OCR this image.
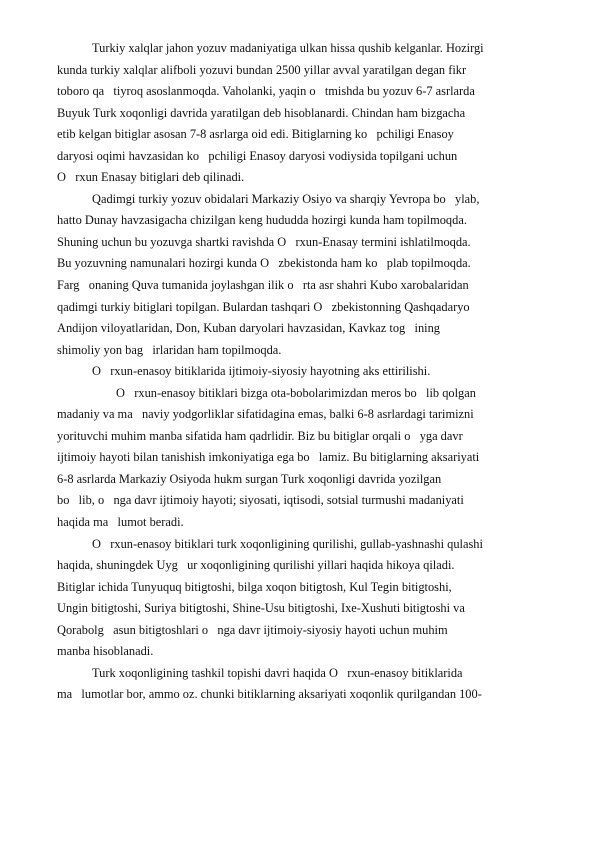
Turkiy xalqlar jahon yozuv madaniyatiga ulkan hissa qushib kelganlar. Hozirgi
kunda turkiy xalqlar alifboli yozuvi bundan 2500 yillar avval yaratilgan degan fikr
toboro qa   tiyroq asoslanmoqda. Vaholanki, yaqin o   tmishda bu yozuv 6-7 asrlarda
Buyuk Turk xoqonligi davrida yaratilgan deb hisoblanardi. Chindan ham bizgacha
etib kelgan bitiglar asosan 7-8 asrlarga oid edi. Bitiglarning ko   pchiligi Enasoy
daryosi oqimi havzasidan ko   pchiligi Enasoy daryosi vodiysida topilgani uchun
O   rxun Enasay bitiglari deb qilinadi.
Qadimgi turkiy yozuv obidalari Markaziy Osiyo va sharqiy Yevropa bo   ylab,
hatto Dunay havzasigacha chizilgan keng hududda hozirgi kunda ham topilmoqda.
Shuning uchun bu yozuvga shartki ravishda O   rxun-Enasay termini ishlatilmoqda.
Bu yozuvning namunalari hozirgi kunda O   zbekistonda ham ko   plab topilmoqda.
Farg   onaning Quva tumanida joylashgan ilik o   rta asr shahri Kubo xarobalaridan
qadimgi turkiy bitiglari topilgan. Bulardan tashqari O   zbekistonning Qashqadaryo
Andijon viloyatlaridan, Don, Kuban daryolari havzasidan, Kavkaz tog   ining
shimoliy yon bag   irlaridan ham topilmoqda.
O   rxun-enasoy bitiklarida ijtimoiy-siyosiy hayotning aks ettirilishi.
O   rxun-enasoy bitiklari bizga ota-bobolarimizdan meros bo   lib qolgan
madaniy va ma   naviy yodgorliklar sifatidagina emas, balki 6-8 asrlardagi tarimizni
yorituvchi muhim manba sifatida ham qadrlidir. Biz bu bitiglar orqali o   yga davr
ijtimoiy hayoti bilan tanishish imkoniyatiga ega bo   lamiz. Bu bitiglarning aksariyati
6-8 asrlarda Markaziy Osiyoda hukm surgan Turk xoqonligi davrida yozilgan
bo   lib, o   nga davr ijtimoiy hayoti; siyosati, iqtisodi, sotsial turmushi madaniyati
haqida ma   lumot beradi.
O   rxun-enasoy bitiklari turk xoqonligining qurilishi, gullab-yashnashi qulashi
haqida, shuningdek Uyg   ur xoqonligining qurilishi yillari haqida hikoya qiladi.
Bitiglar ichida Tunyuquq bitigtoshi, bilga xoqon bitigtosh, Kul Tegin bitigtoshi,
Ungin bitigtoshi, Suriya bitigtoshi, Shine-Usu bitigtoshi, Ixe-Xushuti bitigtoshi va
Qorabolg   asun bitigtoshlari o   nga davr ijtimoiy-siyosiy hayoti uchun muhim
manba hisoblanadi.
Turk xoqonligining tashkil topishi davri haqida O   rxun-enasoy bitiklarida
ma   lumotlar bor, ammo oz. chunki bitiklarning aksariyati xoqonlik qurilgandan 100-
